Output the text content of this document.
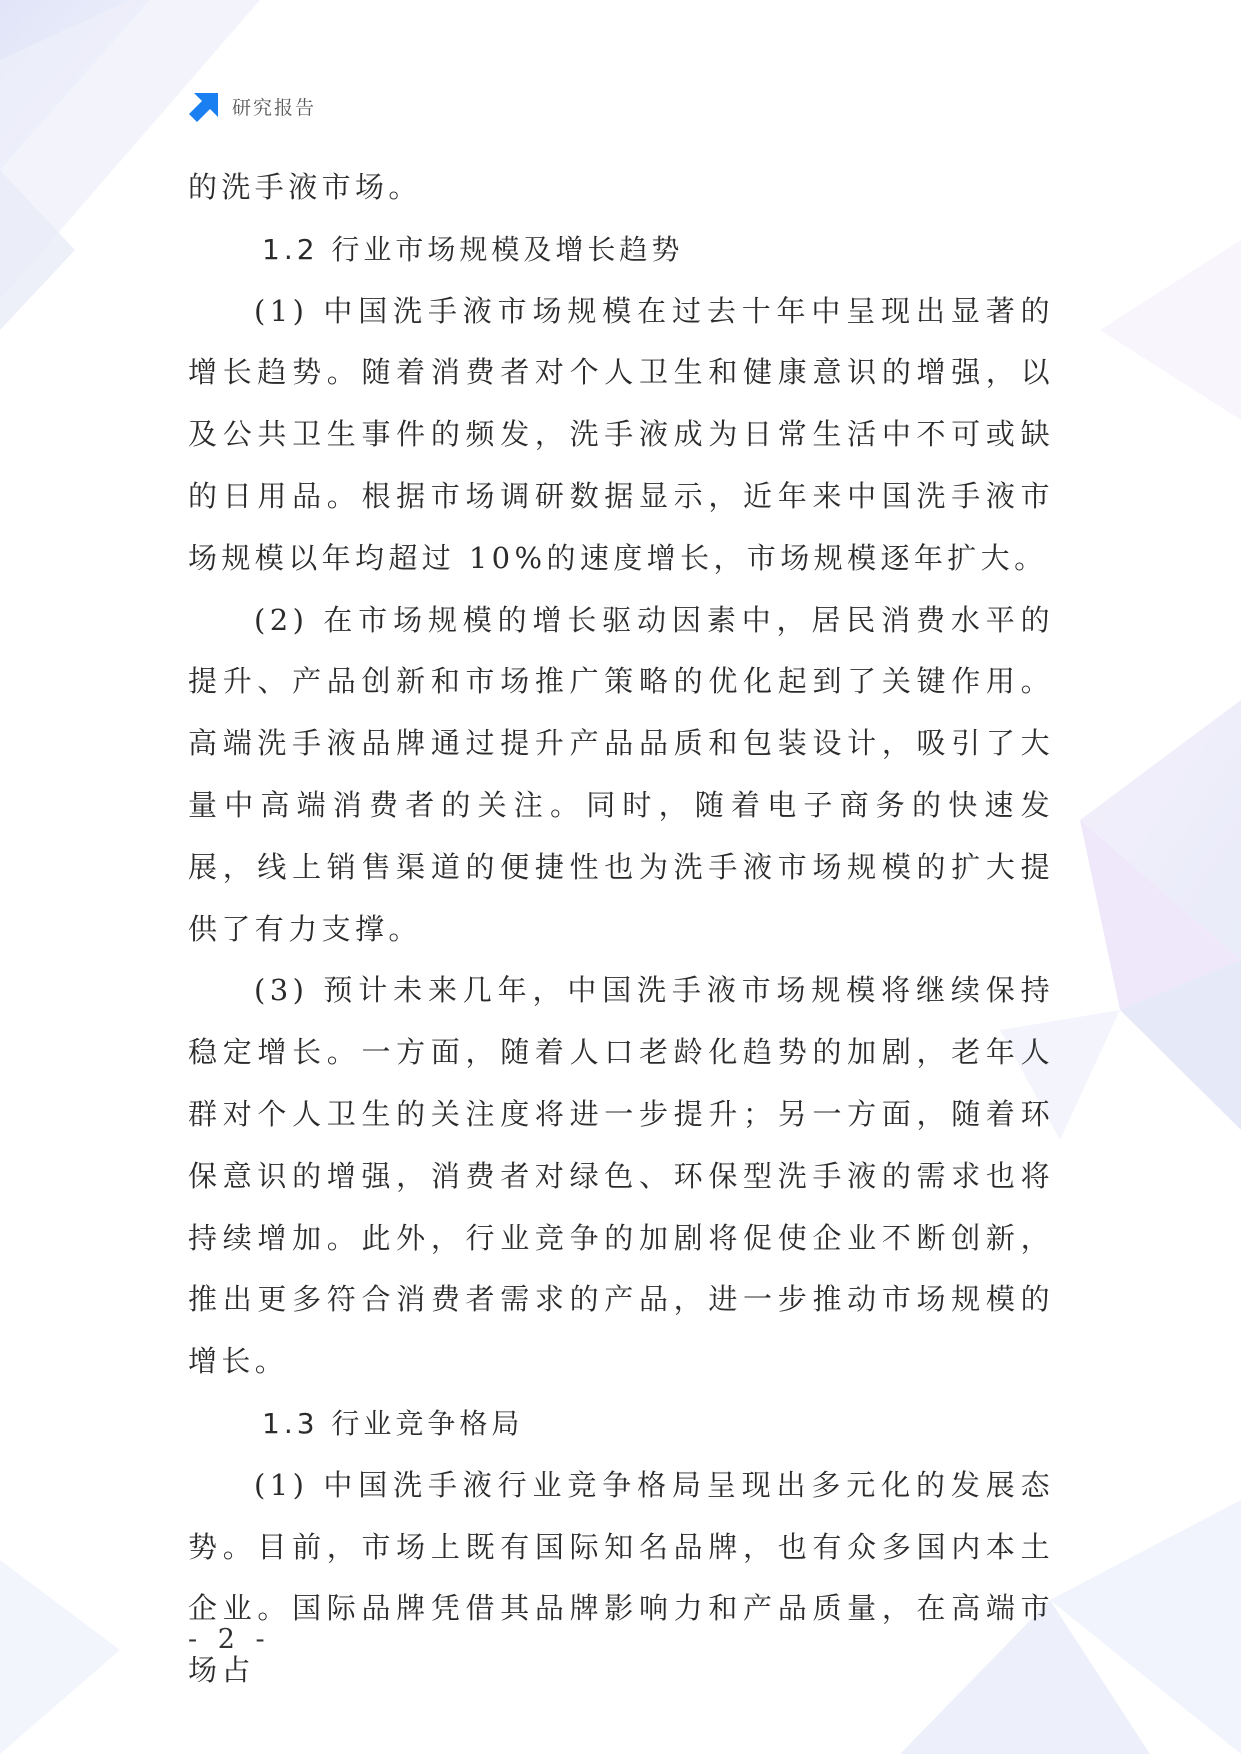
研究报告

的洗手液市场。

1.2 行业市场规模及增长趋势

(1) 中国洗手液市场规模在过去十年中呈现出显著的增长趋势。随着消费者对个人卫生和健康意识的增强，以及公共卫生事件的频发，洗手液成为日常生活中不可或缺的日用品。根据市场调研数据显示，近年来中国洗手液市场规模以年均超过 10%的速度增长，市场规模逐年扩大。

(2) 在市场规模的增长驱动因素中，居民消费水平的提升、产品创新和市场推广策略的优化起到了关键作用。高端洗手液品牌通过提升产品品质和包装设计，吸引了大量中高端消费者的关注。同时，随着电子商务的快速发展，线上销售渠道的便捷性也为洗手液市场规模的扩大提供了有力支撑。

(3) 预计未来几年，中国洗手液市场规模将继续保持稳定增长。一方面，随着人口老龄化趋势的加剧，老年人群对个人卫生的关注度将进一步提升；另一方面，随着环保意识的增强，消费者对绿色、环保型洗手液的需求也将持续增加。此外，行业竞争的加剧将促使企业不断创新，推出更多符合消费者需求的产品，进一步推动市场规模的增长。

1.3 行业竞争格局

(1) 中国洗手液行业竞争格局呈现出多元化的发展态势。目前，市场上既有国际知名品牌，也有众多国内本土企业。国际品牌凭借其品牌影响力和产品质量，在高端市场占

- 2 -
